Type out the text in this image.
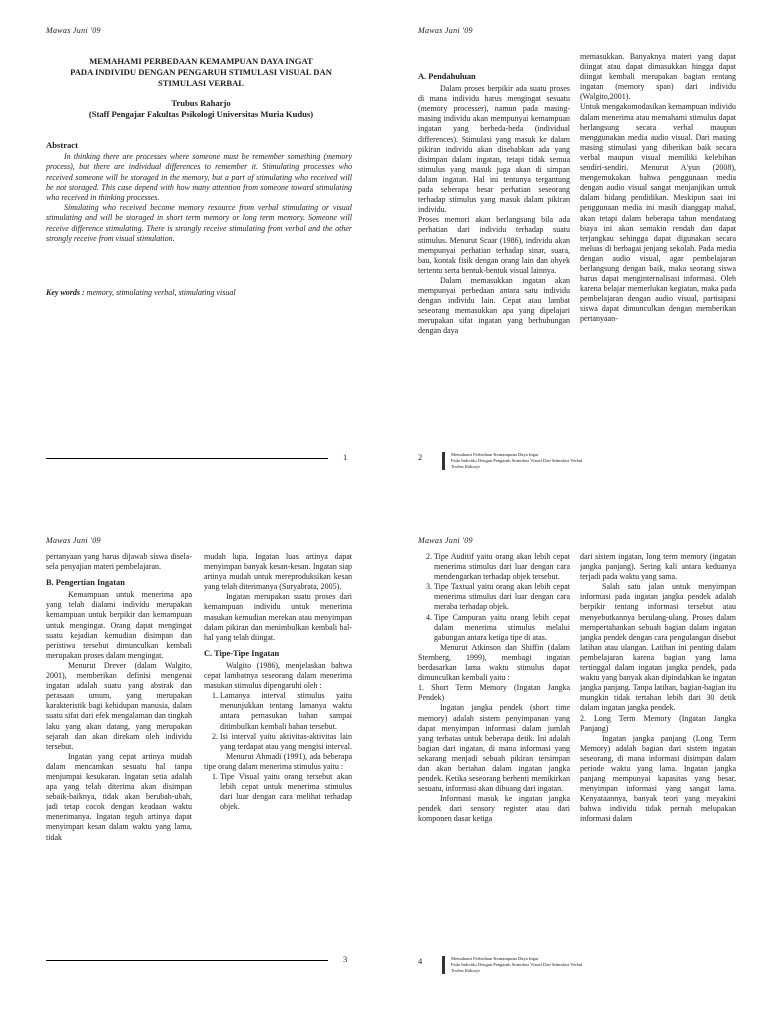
Mawas Juni '09
MEMAHAMI PERBEDAAN KEMAMPUAN DAYA INGAT
PADA INDIVIDU DENGAN PENGARUH STIMULASI VISUAL DAN
STIMULASI VERBAL
Trubus Raharjo
(Staff Pengajar Fakultas Psikologi Universitas Muria Kudus)
Abstract

In thinking there are processes where someone must be remember something (memory process), but there are individual differences to remember it. Stimulating processes who received someone will be storaged in the memory, but a part of stimulating who received will be not storaged. This case depend with how many attention from someone toward stimulating who received in thinking processes.

Simulating who received become memory resource from verbal stimulating or visual stimulating and will be storaged in short term memory or long term memory. Someone will receive difference stimulating. There is strongly receive stimulating from verbal and the other strongly receive from visual stimulation.

Key words : memory, stimulating verbal, stimulating visual
1
Mawas Juni '09
A. Pendahuluan

Dalam proses berpikir ada suatu proses di mana individu harus mengingat sesuatu (memory processer), namun pada masing-masing individu akan mempunyai kemampuan ingatan yang berbeda-beda (individual differences). Stimulasi yang masuk ke dalam pikiran individu akan disebabkan ada yang disimpan dalam ingatan, tetapi tidak semua stimulus yang masuk juga akan di simpan dalam ingatan. Hal ini tentunya tergantung pada seberapa besar perhatian seseorang terhadap stimulus yang masuk dalam pikiran individu.

Proses memori akan berlangsung bila ada perhatian dari individu terhadap suatu stimulus. Menurut Scaar (1986), individu akan mempunyai perhatian terhadap sinar, suara, bau, kontak fisik dengan orang lain dan obyek tertentu serta bentuk-bentuk visual lainnya.

Dalam memasukkan ingatan akan mempunyai perbedaan antara satu individu dengan individu lain. Cepat atau lambat seseorang memasukkan apa yang dipelajari merupakan sifat ingatan yang berhubungan dengan daya

memasukkan. Banyaknya materi yang dapat diingat atau dapat dimasukkan hingga dapat diingat kembali merupakan bagian rentang ingatan (memory span) dari individu (Walgito,2001).

Untuk mengakomodasikan kemampuan individu dalam menerima atau memahami stimulus dapat berlangsung secara verbal maupun menggunakan media audio visual. Dari masing masing stimulasi yang diberikan baik secara verbal maupun visual memiliki kelebihan sendiri-sendiri. Menurut A'yun (2008), mengemukakan bahwa penggunaan media dengan audio visual sangat menjanjikan untuk dalam bidang pendidikan. Meskipun saat ini penggunaan media ini masih dianggap mahal, akan tetapi dalam beberapa tahun mendatang biaya ini akan semakin rendah dan dapat terjangkau sehingga dapat digunakan secara meluas di berbagai jenjang sekolah. Pada media dengan audio visual, agar pembelajaran berlangsung dengan baik, maka seorang siswa harus dapat menginternalisasi informasi. Oleh karena belajar memerlukan kegiatan, maka pada pembelajaran dengan audio visual, partisipasi siswa dapat dimunculkan dengan memberikan pertanyaan-

2	Memahami Perbedaan Kemampuan Daya Ingat
Pada Individu Dengan Pengaruh Stimulasi Visual Dan Stimulasi Verbal
Trubus Raharjo
Mawas Juni '09

pertanyaan yang harus dijawab siswa disela-sela penyajian materi pembelajaran.

B. Pengertian Ingatan

Kemampuan untuk menerima apa yang telah dialami individu merupakan kemampuan untuk berpikir dan kemampuan untuk mengingat. Orang dapat mengingat suatu kejadian kemudian disimpan dan peristiwa tersebut dimunculkan kembali merupakan proses dalam mengingat.

Menurut Drever (dalam Walgito, 2001), memberikan definisi mengenai ingatan adalah suatu yang abstrak dan perasaan umum, yang merupakan karakteristik bagi kehidupan manusia, dalam suatu sifat dari efek mengalaman dan tingkah laku yang akan datang, yang merupakan sejarah dan akan direkam oleh individu tersebut.

Ingatan yang cepat artinya mudah dalam mencamkan sesuatu hal tanpa menjumpai kesukaran. Ingatan setia adalah apa yang telah diterima akan disimpan sebaik-baiknya, tidak akan berubah-ubah, jadi tetap cocok dengan keadaan waktu menerimanya. Ingatan teguh artinya dapat menyimpan kesan dalam waktu yang lama, tidak

mudah lupa. Ingatan luas artinya dapat menyimpan banyak kesan-kesan. Ingatan siap artinya mudah untuk mereproduksikan kesan yang telah diterimanya (Suryabrata, 2005).

Ingatan merupakan suatu proses dari kemampuan individu untuk menerima masukan kemudian merekan atau menyimpan dalam pikiran dan menimbulkan kembali hal-hal yang telah diingat.

C. Tipe-Tipe Ingatan

Walgito (1986), menjelaskan bahwa cepat lambatnya seseorang dalam menerima masukan stimulus dipengaruhi oleh :

1. Lamanya interval stimulus yaitu menunjukkan tentang lamanya waktu antara pemasukan bahan sampai ditimbulkan kembali bahan tersebut.
2. Isi interval yaitu aktivitas-aktivitas lain yang terdapat atau yang mengisi interval.

Menurut Ahmadi (1991), ada beberapa tipe orang dalam menerima stimulus yaitu :

1. Tipe Visual yaitu orang tersebut akan lebih cepat untuk menerima stimulus dari luar dengan cara melihat terhadap objek.
3
Mawas Juni '09
2. Tipe Auditif yaitu orang akan lebih cepat menerima stimulus dari luar dengan cara mendengarkan terhadap objek tersebut.
3. Tipe Taxtual yaitu orang akan lebih cepat menerima stimulus dari luar dengan cara meraba terhadap objek.
4. Tipe Campuran yaitu orang lebih cepat dalam menerima stimulus melalui gabungan antara ketiga tipe di atas.

Menurut Atkinson dan Shiffin (dalam Sternberg, 1999), membagi ingatan berdasarkan lama waktu stimulus dapat dimunculkan kembali yaitu :

1. Short Term Memory (Ingatan Jangka Pendek)

Ingatan jangka pendek (short time memory) adalah sistem penyimpanan yang dapat menyimpan informasi dalam jumlah yang terbatas untuk beberapa detik. Ini adalah bagian dari ingatan, di mana informasi yang sekarang menjadi sebuah pikiran tersimpan dan akan bertahan dalam ingatan jangka pendek. Ketika seseorang berhenti memikirkan sesuatu, informasi akan dibuang dari ingatan.

Informasi masuk ke ingatan jangka pendek dari sensory register atau dari komponen dasar ketiga

dari sistem ingatan, long term memory (ingatan jangka panjang). Sering kali antara keduanya terjadi pada waktu yang sama.

Salah satu jalan untuk menyimpan informasi pada ingatan jangka pendek adalah berpikir tentang informasi tersebut atau menyebutkannya berulang-ulang. Proses dalam mempertahankan sebuah bagian dalam ingatan jangka pendek dengan cara pengulangan disebut latihan atau ulangan. Latihan ini penting dalam pembelajaran karena bagian yang lama tertinggal dalam ingatan jangka pendek, pada waktu yang banyak akan dipindahkan ke ingatan jangka panjang. Tanpa latihan, bagian-bagian itu mungkin tidak tertahan lebih dari 30 detik dalam ingatan jangka pendek.

2. Long Term Memory (Ingatan Jangka Panjang)

Ingatan jangka panjang (Long Term Memory) adalah bagian dari sistem ingatan seseorang, di mana informasi disimpan dalam periode waktu yang lama. Ingatan jangka panjang mempunyai kapasitas yang besar, menyimpan informasi yang sangat lama. Kenyataannya, banyak teori yang meyakini bahwa individu tidak pernah melupakan informasi dalam

4	Memahami Perbedaan Kemampuan Daya Ingat
Pada Individu Dengan Pengaruh Stimulasi Visual Dan Stimulasi Verbal
Trubus Raharjo
